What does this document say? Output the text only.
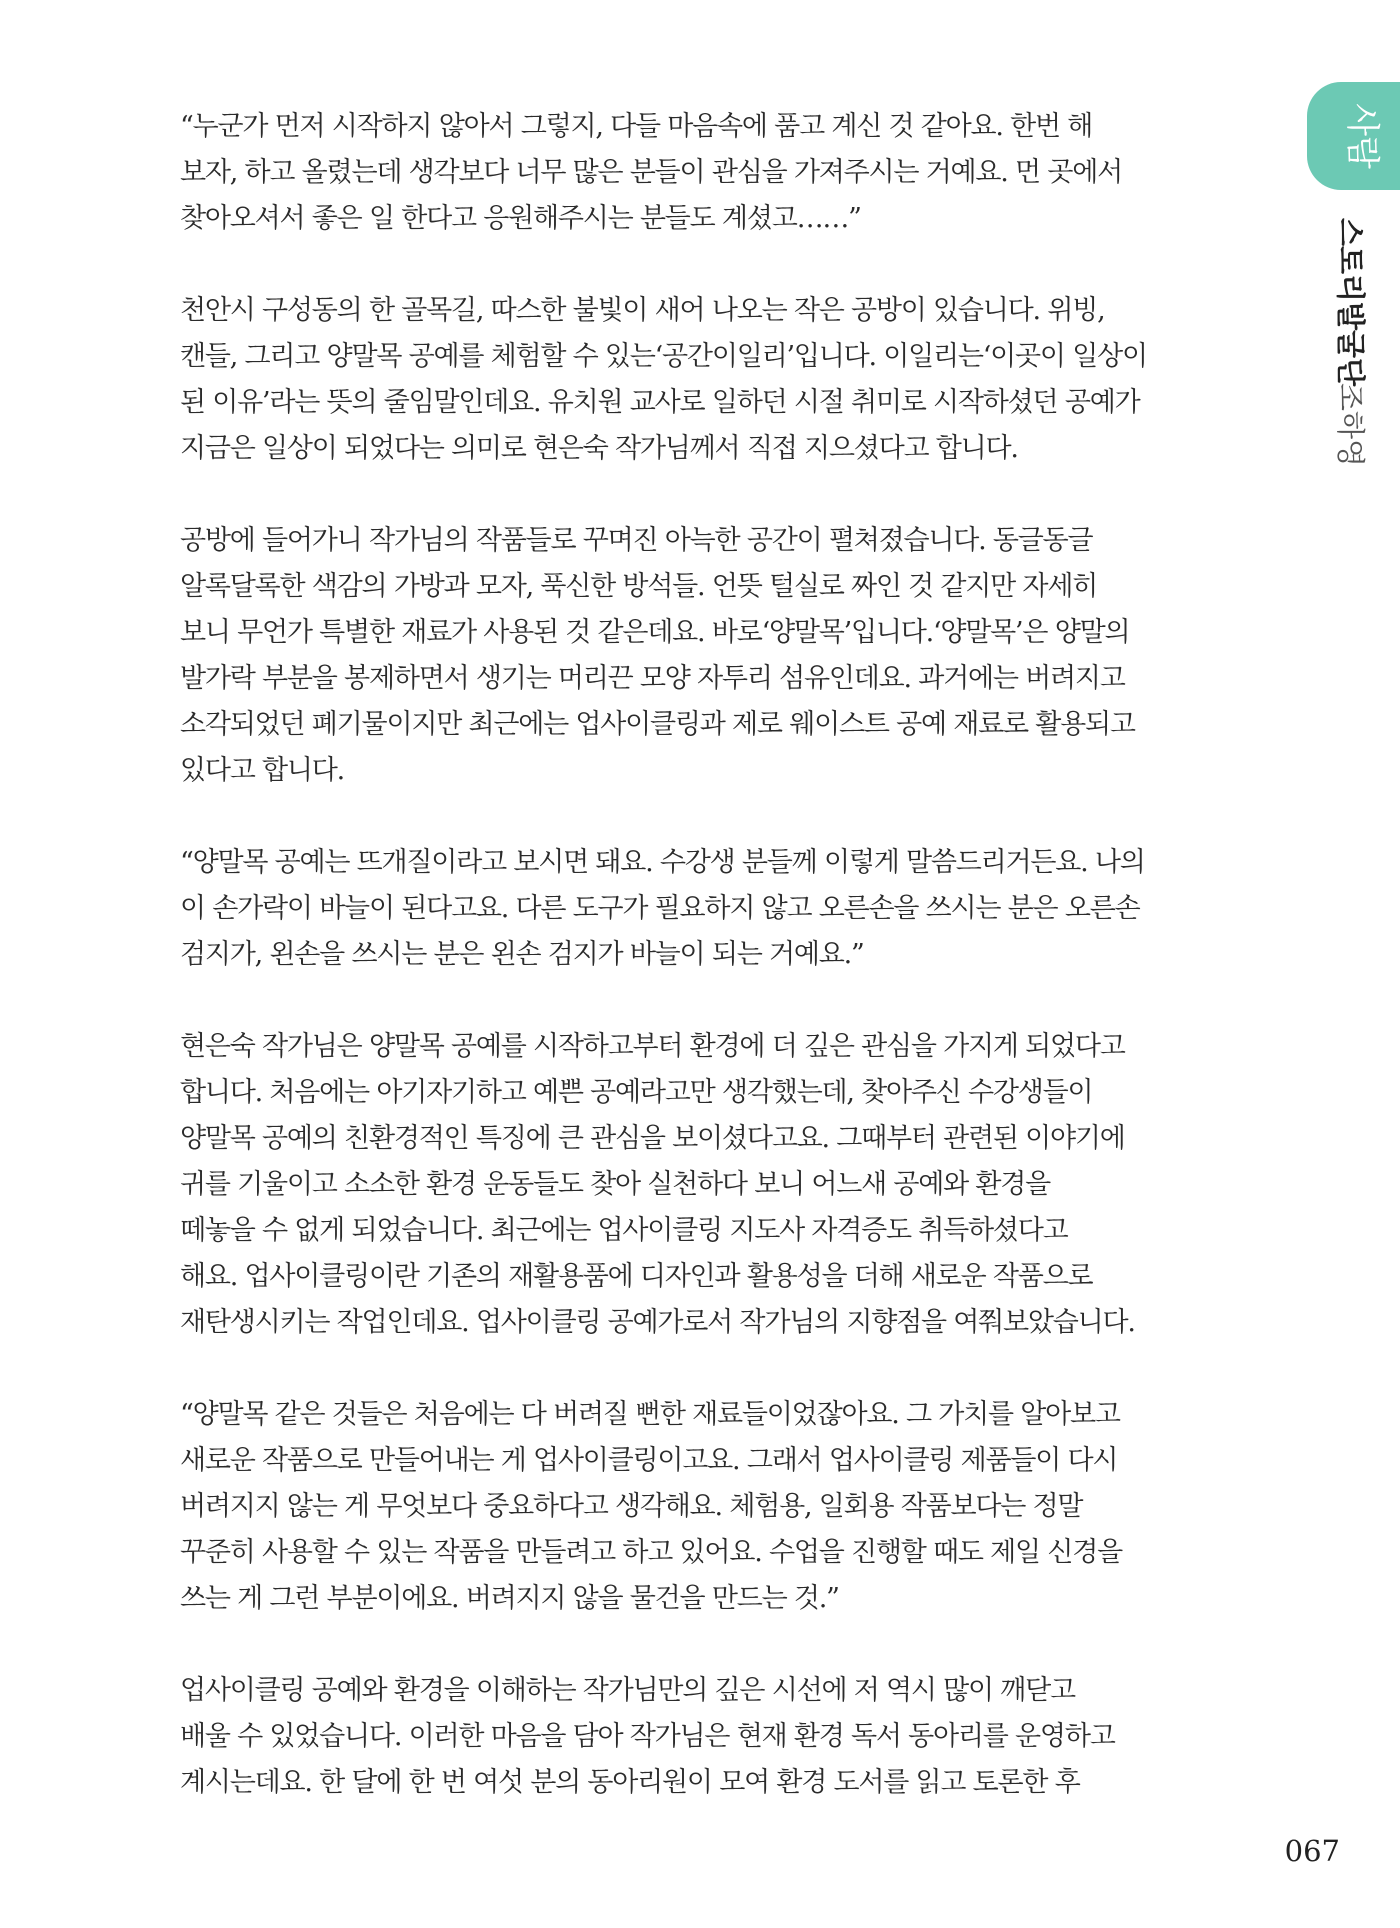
사람
스토리발굴단
조하영
“누군가 먼저 시작하지 않아서 그렇지, 다들 마음속에 품고 계신 것 같아요. 한번 해
보자, 하고 올렸는데 생각보다 너무 많은 분들이 관심을 가져주시는 거예요. 먼 곳에서
찾아오셔서 좋은 일 한다고 응원해주시는 분들도 계셨고……”
천안시 구성동의 한 골목길, 따스한 불빛이 새어 나오는 작은 공방이 있습니다. 위빙,
캔들, 그리고 양말목 공예를 체험할 수 있는‘공간이일리’입니다. 이일리는‘이곳이 일상이
된 이유’라는 뜻의 줄임말인데요. 유치원 교사로 일하던 시절 취미로 시작하셨던 공예가
지금은 일상이 되었다는 의미로 현은숙 작가님께서 직접 지으셨다고 합니다.
공방에 들어가니 작가님의 작품들로 꾸며진 아늑한 공간이 펼쳐졌습니다. 동글동글
알록달록한 색감의 가방과 모자, 푹신한 방석들. 언뜻 털실로 짜인 것 같지만 자세히
보니 무언가 특별한 재료가 사용된 것 같은데요. 바로‘양말목’입니다.‘양말목’은 양말의
발가락 부분을 봉제하면서 생기는 머리끈 모양 자투리 섬유인데요. 과거에는 버려지고
소각되었던 폐기물이지만 최근에는 업사이클링과 제로 웨이스트 공예 재료로 활용되고
있다고 합니다.
“양말목 공예는 뜨개질이라고 보시면 돼요. 수강생 분들께 이렇게 말씀드리거든요. 나의
이 손가락이 바늘이 된다고요. 다른 도구가 필요하지 않고 오른손을 쓰시는 분은 오른손
검지가, 왼손을 쓰시는 분은 왼손 검지가 바늘이 되는 거예요.”
현은숙 작가님은 양말목 공예를 시작하고부터 환경에 더 깊은 관심을 가지게 되었다고
합니다. 처음에는 아기자기하고 예쁜 공예라고만 생각했는데, 찾아주신 수강생들이
양말목 공예의 친환경적인 특징에 큰 관심을 보이셨다고요. 그때부터 관련된 이야기에
귀를 기울이고 소소한 환경 운동들도 찾아 실천하다 보니 어느새 공예와 환경을
떼놓을 수 없게 되었습니다. 최근에는 업사이클링 지도사 자격증도 취득하셨다고
해요. 업사이클링이란 기존의 재활용품에 디자인과 활용성을 더해 새로운 작품으로
재탄생시키는 작업인데요. 업사이클링 공예가로서 작가님의 지향점을 여쭤보았습니다.
“양말목 같은 것들은 처음에는 다 버려질 뻔한 재료들이었잖아요. 그 가치를 알아보고
새로운 작품으로 만들어내는 게 업사이클링이고요. 그래서 업사이클링 제품들이 다시
버려지지 않는 게 무엇보다 중요하다고 생각해요. 체험용, 일회용 작품보다는 정말
꾸준히 사용할 수 있는 작품을 만들려고 하고 있어요. 수업을 진행할 때도 제일 신경을
쓰는 게 그런 부분이에요. 버려지지 않을 물건을 만드는 것.”
업사이클링 공예와 환경을 이해하는 작가님만의 깊은 시선에 저 역시 많이 깨닫고
배울 수 있었습니다. 이러한 마음을 담아 작가님은 현재 환경 독서 동아리를 운영하고
계시는데요. 한 달에 한 번 여섯 분의 동아리원이 모여 환경 도서를 읽고 토론한 후
067
